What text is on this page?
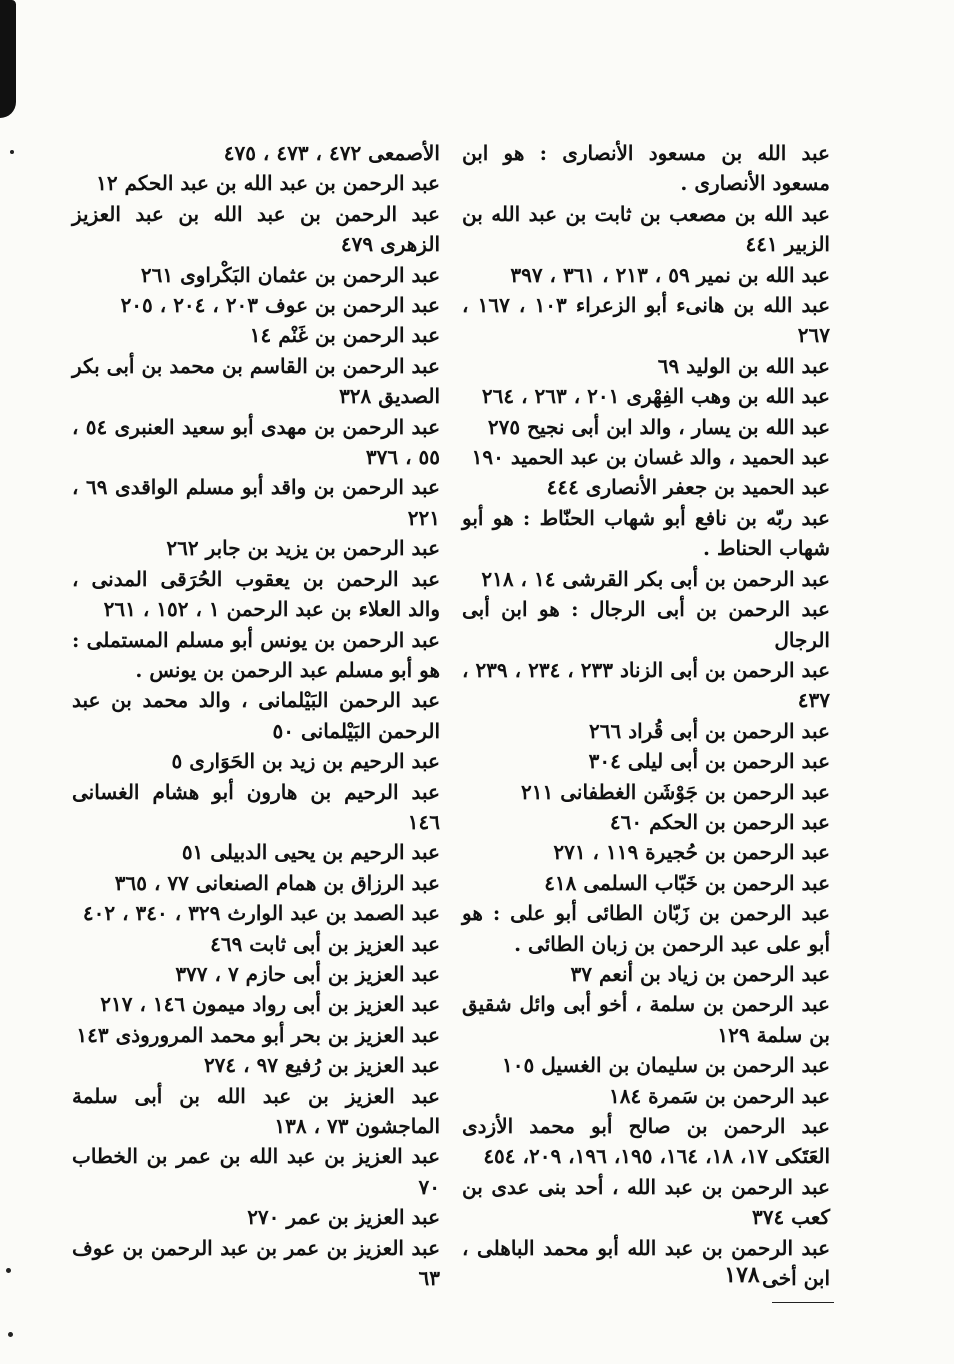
عبد الله بن مسعود الأنصارى : هو ابن مسعود الأنصارى .

عبد الله بن مصعب بن ثابت بن عبد الله بن الزبير ٤٤١

عبد الله بن نمير ٥٩ ، ٢١٣ ، ٣٦١ ، ٣٩٧

عبد الله بن هانىء أبو الزعراء ١٠٣ ، ١٦٧ ، ٢٦٧

عبد الله بن الوليد ٦٩

عبد الله بن وهب الفِهْرى ٢٠١ ، ٢٦٣ ، ٢٦٤

عبد الله بن يسار ، والد ابن أبى نجيح ٢٧٥

عبد الحميد ، والد غسان بن عبد الحميد ١٩٠

عبد الحميد بن جعفر الأنصارى ٤٤٤

عبد ربّه بن نافع أبو شهاب الحنّاط : هو أبو شهاب الحناط .

عبد الرحمن بن أبى بكر القرشى ١٤ ، ٢١٨

عبد الرحمن بن أبى الرجال : هو ابن أبى الرجال

عبد الرحمن بن أبى الزناد ٢٣٣ ، ٢٣٤ ، ٢٣٩ ، ٤٣٧

عبد الرحمن بن أبى قُراد ٢٦٦

عبد الرحمن بن أبى ليلى ٣٠٤

عبد الرحمن بن جَوْشَن الغطفانى ٢١١

عبد الرحمن بن الحكم ٤٦٠

عبد الرحمن بن حُجيرة ١١٩ ، ٢٧١

عبد الرحمن بن خَبّاب السلمى ٤١٨

عبد الرحمن بن زَبّان الطائى أبو على : هو أبو على عبد الرحمن بن زبان الطائى .

عبد الرحمن بن زياد بن أنعم ٣٧

عبد الرحمن بن سلمة ، أخو أبى وائل شقيق بن سلمة ١٢٩

عبد الرحمن بن سليمان بن الغسيل ١٠٥

عبد الرحمن بن سَمرة ١٨٤

عبد الرحمن بن صالح أبو محمد الأزدى العَتَكى ١٧، ١٨، ١٦٤، ١٩٥، ١٩٦، ٢٠٩، ٤٥٤

عبد الرحمن بن عبد الله ، أحد بنى عدى بن كعب ٣٧٤

عبد الرحمن بن عبد الله أبو محمد الباهلى ، ابن أخى

الأصمعى ٤٧٢ ، ٤٧٣ ، ٤٧٥

عبد الرحمن بن عبد الله بن عبد الحكم ١٢

عبد الرحمن بن عبد الله بن عبد العزيز الزهرى ٤٧٩

عبد الرحمن بن عثمان البَكْراوى ٢٦١

عبد الرحمن بن عوف ٢٠٣ ، ٢٠٤ ، ٢٠٥

عبد الرحمن بن غَنْم ١٤

عبد الرحمن بن القاسم بن محمد بن أبى بكر الصديق ٣٢٨

عبد الرحمن بن مهدى أبو سعيد العنبرى ٥٤ ، ٥٥ ، ٣٧٦

عبد الرحمن بن واقد أبو مسلم الواقدى ٦٩ ، ٢٢١

عبد الرحمن بن يزيد بن جابر ٢٦٢

عبد الرحمن بن يعقوب الحُرَقى المدنى ، والد العلاء بن عبد الرحمن ١ ، ١٥٢ ، ٢٦١

عبد الرحمن بن يونس أبو مسلم المستملى : هو أبو مسلم عبد الرحمن بن يونس .

عبد الرحمن البَيْلمانى ، والد محمد بن عبد الرحمن البَيْلمانى ٥٠

عبد الرحيم بن زيد بن الحَوَارى ٥

عبد الرحيم بن هارون أبو هشام الغسانى ١٤٦

عبد الرحيم بن يحيى الدبيلى ٥١

عبد الرزاق بن همام الصنعانى ٧٧ ، ٣٦٥

عبد الصمد بن عبد الوارث ٣٢٩ ، ٣٤٠ ، ٤٠٢

عبد العزيز بن أبى ثابت ٤٦٩

عبد العزيز بن أبى حازم ٧ ، ٣٧٧

عبد العزيز بن أبى رواد ميمون ١٤٦ ، ٢١٧

عبد العزيز بن بحر أبو محمد المروروذى ١٤٣

عبد العزيز بن رُفيع ٩٧ ، ٢٧٤

عبد العزيز بن عبد الله بن أبى سلمة الماجشون ٧٣ ، ١٣٨

عبد العزيز بن عبد الله بن عمر بن الخطاب ٧٠

عبد العزيز بن عمر ٢٧٠

عبد العزيز بن عمر بن عبد الرحمن بن عوف ٦٣	١٧٨
